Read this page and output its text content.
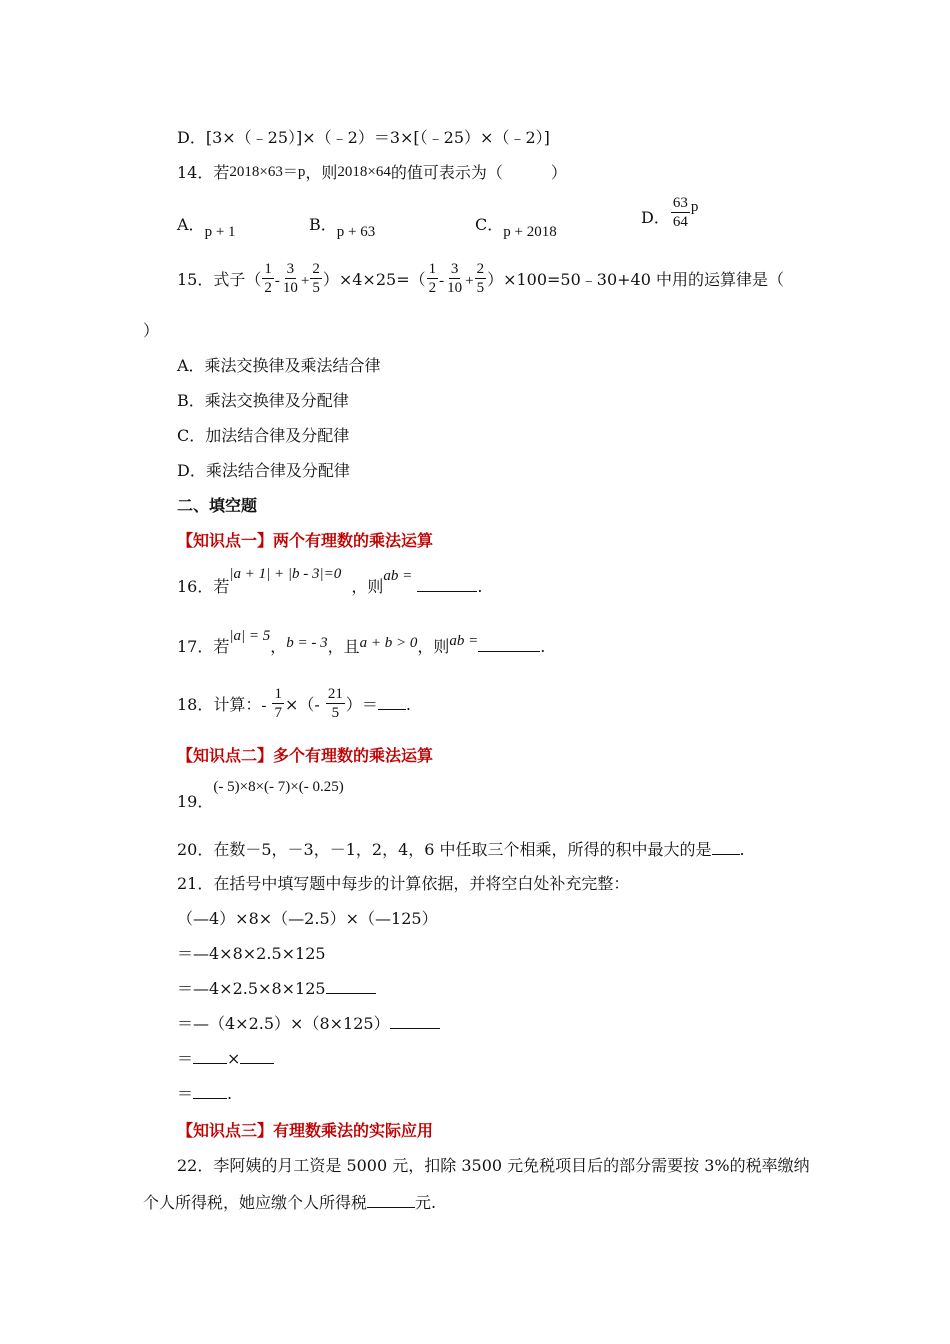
D．[3×（﹣25）]×（﹣2）＝3×[（﹣25）×（﹣2）]
14．若2018×63＝p，则2018×64的值可表示为（　　　）
A．p + 1	B．p + 63	C．p + 2018
D． $\frac{63}{64}$ p
15．式子（ $\frac{1}{2} - \frac{3}{10} + \frac{2}{5} )\times 4\times 25=( \frac{1}{2} - \frac{3}{10} + \frac{2}{5}$ ）×100=50﹣30+40 中用的运算律是（
）
A．乘法交换律及乘法结合律
B．乘法交换律及分配律
C．加法结合律及分配律
D．乘法结合律及分配律
二、填空题
【知识点一】两个有理数的乘法运算
16．若|a + 1| + |b - 3|=0  ，则ab = .
17．若|a| = 5，b = - 3，且a + b > 0，则ab =	.
18．计算：- $\frac{1}{7}$ ×（- $\frac{21}{5}$ ）＝ .
【知识点二】多个有理数的乘法运算
19．(- 5)×8×(- 7)×(- 0.25)
20．在数－5，－3，－1，2，4，6 中任取三个相乘，所得的积中最大的是 .
21．在括号中填写题中每步的计算依据，并将空白处补充完整：
（—4）×8×（—2.5）×（—125）
＝—4×8×2.5×125
＝—4×2.5×8×125
＝—（4×2.5）×（8×125）
＝ ×
＝ .
【知识点三】有理数乘法的实际应用
22．李阿姨的月工资是 5000 元，扣除 3500 元免税项目后的部分需要按 3%的税率缴纳
个人所得税，她应缴个人所得税	元.
